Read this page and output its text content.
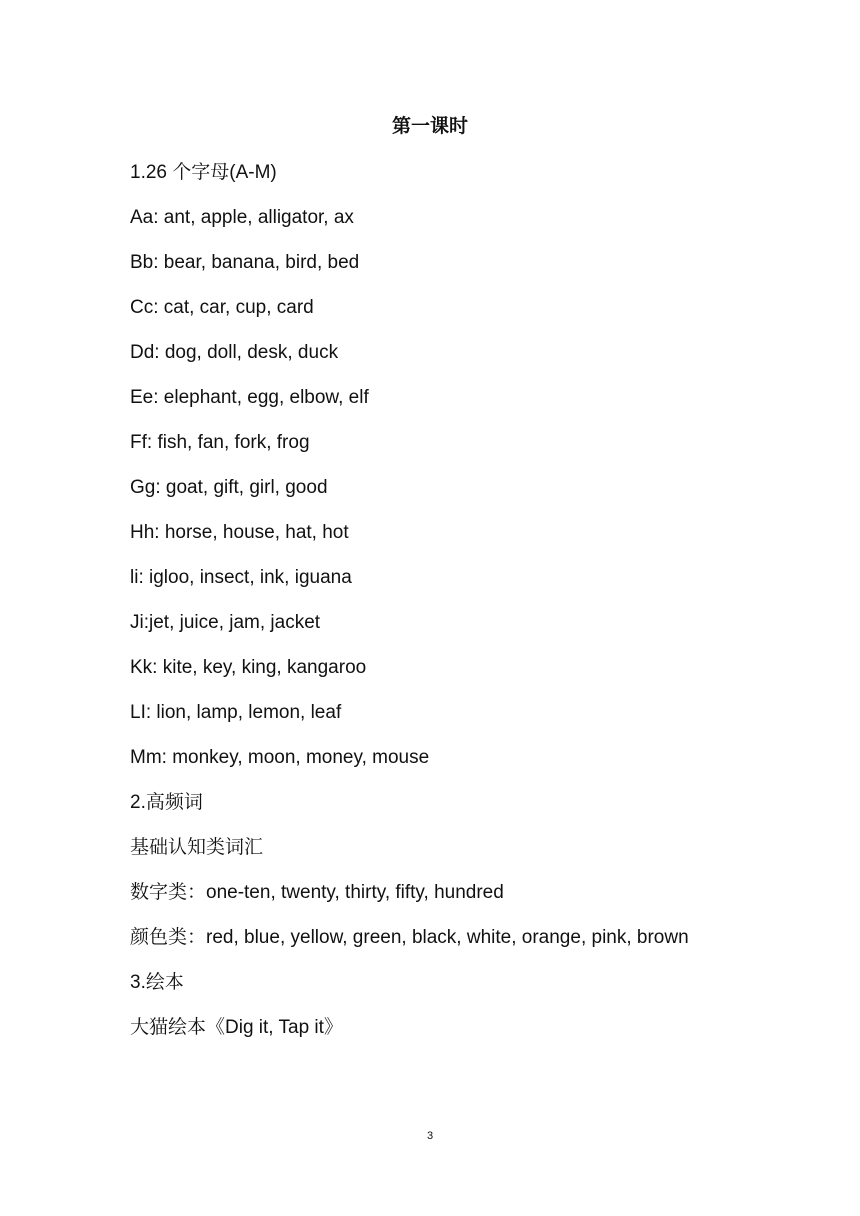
第一课时
1.26 个字母(A-M)
Aa: ant, apple, alligator, ax
Bb: bear, banana, bird, bed
Cc: cat, car, cup, card
Dd: dog, doll, desk, duck
Ee: elephant, egg, elbow, elf
Ff: fish, fan, fork, frog
Gg: goat, gift, girl, good
Hh: horse, house, hat, hot
li: igloo, insect, ink, iguana
Ji:jet, juice, jam, jacket
Kk: kite, key, king, kangaroo
LI: lion, lamp, lemon, leaf
Mm: monkey, moon, money, mouse
2.高频词
基础认知类词汇
数字类：one-ten, twenty, thirty, fifty, hundred
颜色类：red, blue, yellow, green, black, white, orange, pink, brown
3.绘本
大猫绘本《Dig it, Tap it》
3
